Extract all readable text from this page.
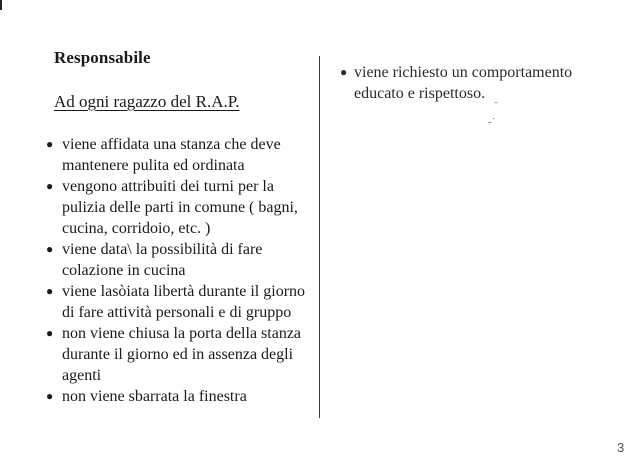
Responsabile
Ad ogni ragazzo del R.A.P.
● viene affidata una stanza che deve mantenere pulita ed ordinata
● vengono attribuiti dei turni per la pulizia delle parti in comune ( bagni, cucina, corridoio, etc. )
● viene data\ la possibilità di fare colazione in cucina
● viene lasòiata libertà durante il giorno di fare attività personali e di gruppo
● non viene chiusa la porta della stanza durante il giorno ed in assenza degli agenti
● non viene sbarrata la finestra
● viene richiesto un comportamento educato e rispettoso.
˜
‐˙
3
